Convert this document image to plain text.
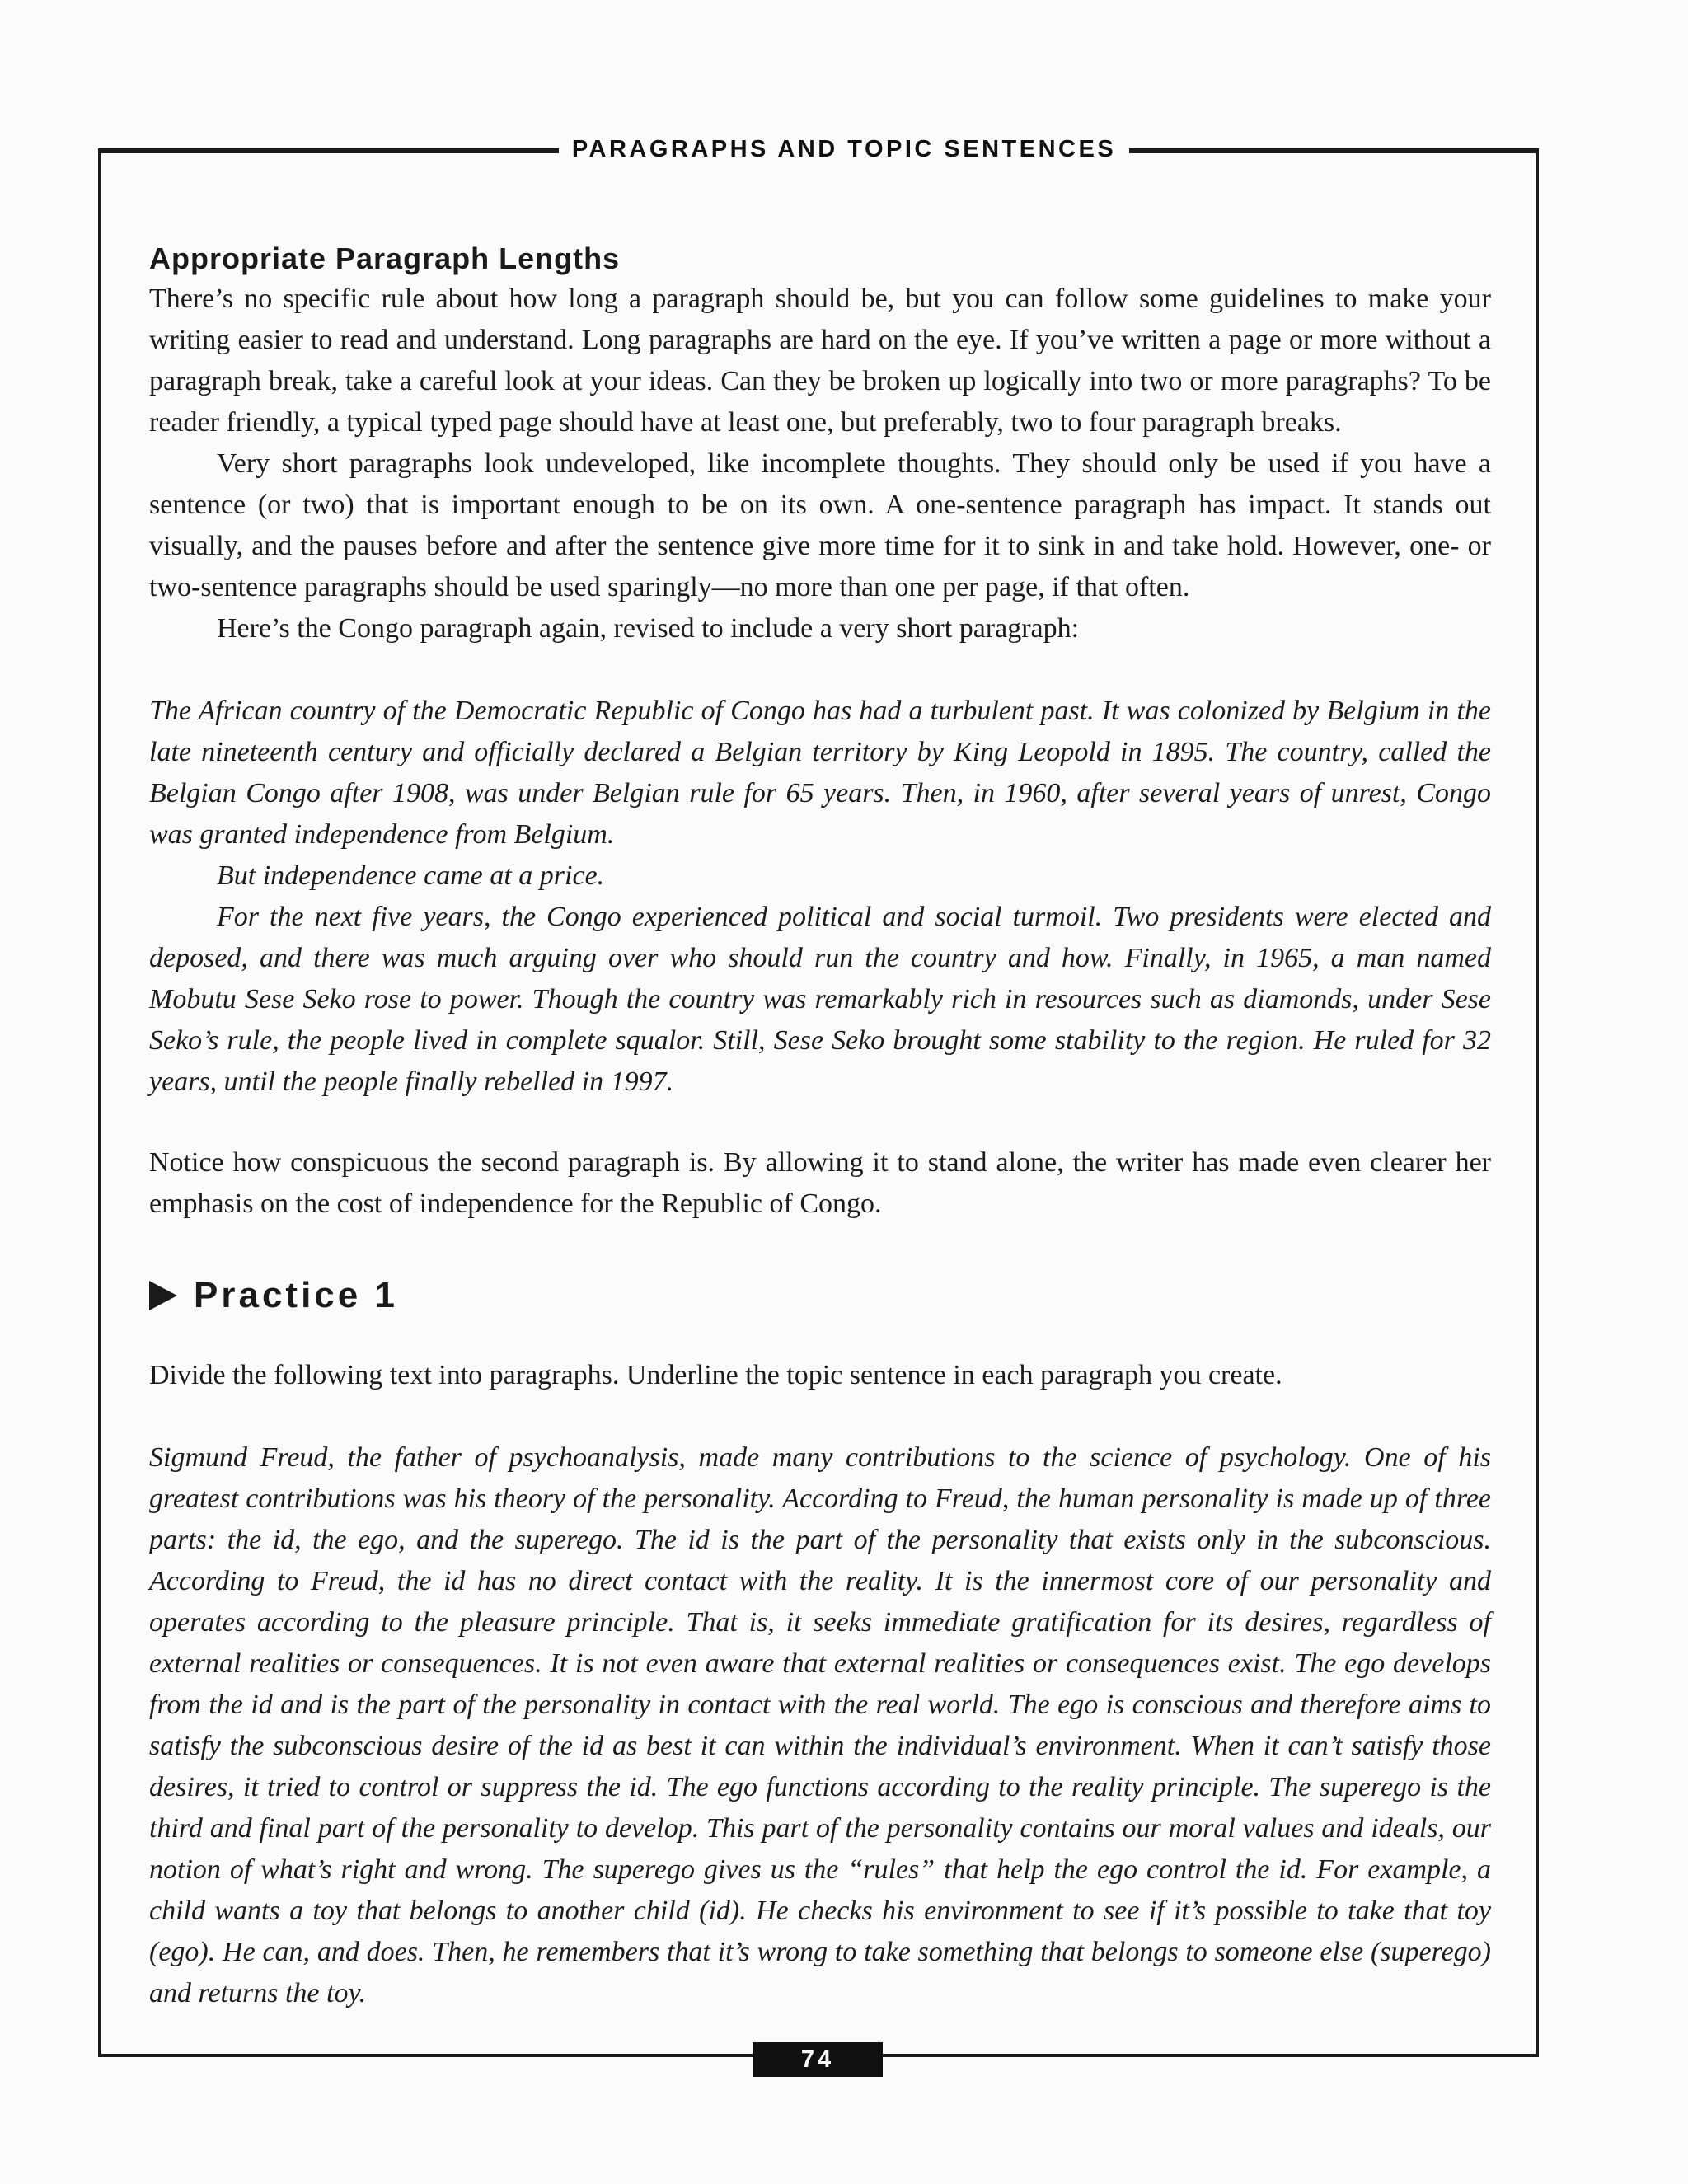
PARAGRAPHS AND TOPIC SENTENCES
Appropriate Paragraph Lengths

There’s no specific rule about how long a paragraph should be, but you can follow some guidelines to make your writing easier to read and understand. Long paragraphs are hard on the eye. If you’ve written a page or more without a paragraph break, take a careful look at your ideas. Can they be broken up logically into two or more paragraphs? To be reader friendly, a typical typed page should have at least one, but preferably, two to four paragraph breaks.

Very short paragraphs look undeveloped, like incomplete thoughts. They should only be used if you have a sentence (or two) that is important enough to be on its own. A one-sentence paragraph has impact. It stands out visually, and the pauses before and after the sentence give more time for it to sink in and take hold. However, one- or two-sentence paragraphs should be used sparingly—no more than one per page, if that often.

Here’s the Congo paragraph again, revised to include a very short paragraph:

The African country of the Democratic Republic of Congo has had a turbulent past. It was colonized by Belgium in the late nineteenth century and officially declared a Belgian territory by King Leopold in 1895. The country, called the Belgian Congo after 1908, was under Belgian rule for 65 years. Then, in 1960, after several years of unrest, Congo was granted independence from Belgium.

But independence came at a price.

For the next five years, the Congo experienced political and social turmoil. Two presidents were elected and deposed, and there was much arguing over who should run the country and how. Finally, in 1965, a man named Mobutu Sese Seko rose to power. Though the country was remarkably rich in resources such as diamonds, under Sese Seko’s rule, the people lived in complete squalor. Still, Sese Seko brought some stability to the region. He ruled for 32 years, until the people finally rebelled in 1997.

Notice how conspicuous the second paragraph is. By allowing it to stand alone, the writer has made even clearer her emphasis on the cost of independence for the Republic of Congo.

Practice 1

Divide the following text into paragraphs. Underline the topic sentence in each paragraph you create.

Sigmund Freud, the father of psychoanalysis, made many contributions to the science of psychology. One of his greatest contributions was his theory of the personality. According to Freud, the human personality is made up of three parts: the id, the ego, and the superego. The id is the part of the personality that exists only in the subconscious. According to Freud, the id has no direct contact with the reality. It is the innermost core of our personality and operates according to the pleasure principle. That is, it seeks immediate gratification for its desires, regardless of external realities or consequences. It is not even aware that external realities or consequences exist. The ego develops from the id and is the part of the personality in contact with the real world. The ego is conscious and therefore aims to satisfy the subconscious desire of the id as best it can within the individual’s environment. When it can’t satisfy those desires, it tried to control or suppress the id. The ego functions according to the reality principle. The superego is the third and final part of the personality to develop. This part of the personality contains our moral values and ideals, our notion of what’s right and wrong. The superego gives us the “rules” that help the ego control the id. For example, a child wants a toy that belongs to another child (id). He checks his environment to see if it’s possible to take that toy (ego). He can, and does. Then, he remembers that it’s wrong to take something that belongs to someone else (superego) and returns the toy.

74
